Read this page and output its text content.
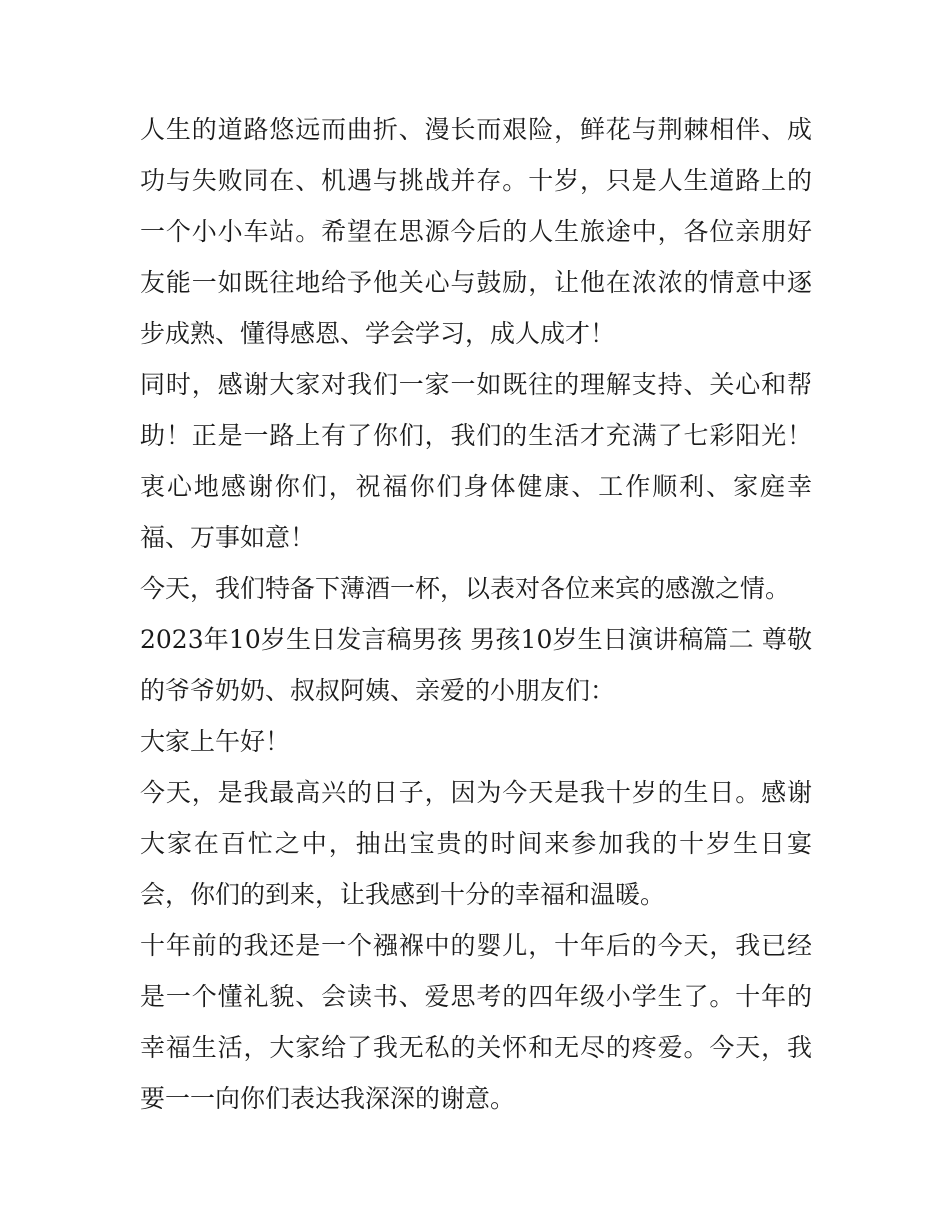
人生的道路悠远而曲折、漫长而艰险，鲜花与荆棘相伴、成功与失败同在、机遇与挑战并存。十岁，只是人生道路上的一个小小车站。希望在思源今后的人生旅途中，各位亲朋好友能一如既往地给予他关心与鼓励，让他在浓浓的情意中逐步成熟、懂得感恩、学会学习，成人成才！

同时，感谢大家对我们一家一如既往的理解支持、关心和帮助！正是一路上有了你们，我们的生活才充满了七彩阳光！衷心地感谢你们，祝福你们身体健康、工作顺利、家庭幸福、万事如意！

今天，我们特备下薄酒一杯，以表对各位来宾的感激之情。

2023年10岁生日发言稿男孩 男孩10岁生日演讲稿篇二 尊敬的爷爷奶奶、叔叔阿姨、亲爱的小朋友们：

大家上午好！

今天，是我最高兴的日子，因为今天是我十岁的生日。感谢大家在百忙之中，抽出宝贵的时间来参加我的十岁生日宴会，你们的到来，让我感到十分的幸福和温暖。

十年前的我还是一个襁褓中的婴儿，十年后的今天，我已经是一个懂礼貌、会读书、爱思考的四年级小学生了。十年的幸福生活，大家给了我无私的关怀和无尽的疼爱。今天，我要一一向你们表达我深深的谢意。
